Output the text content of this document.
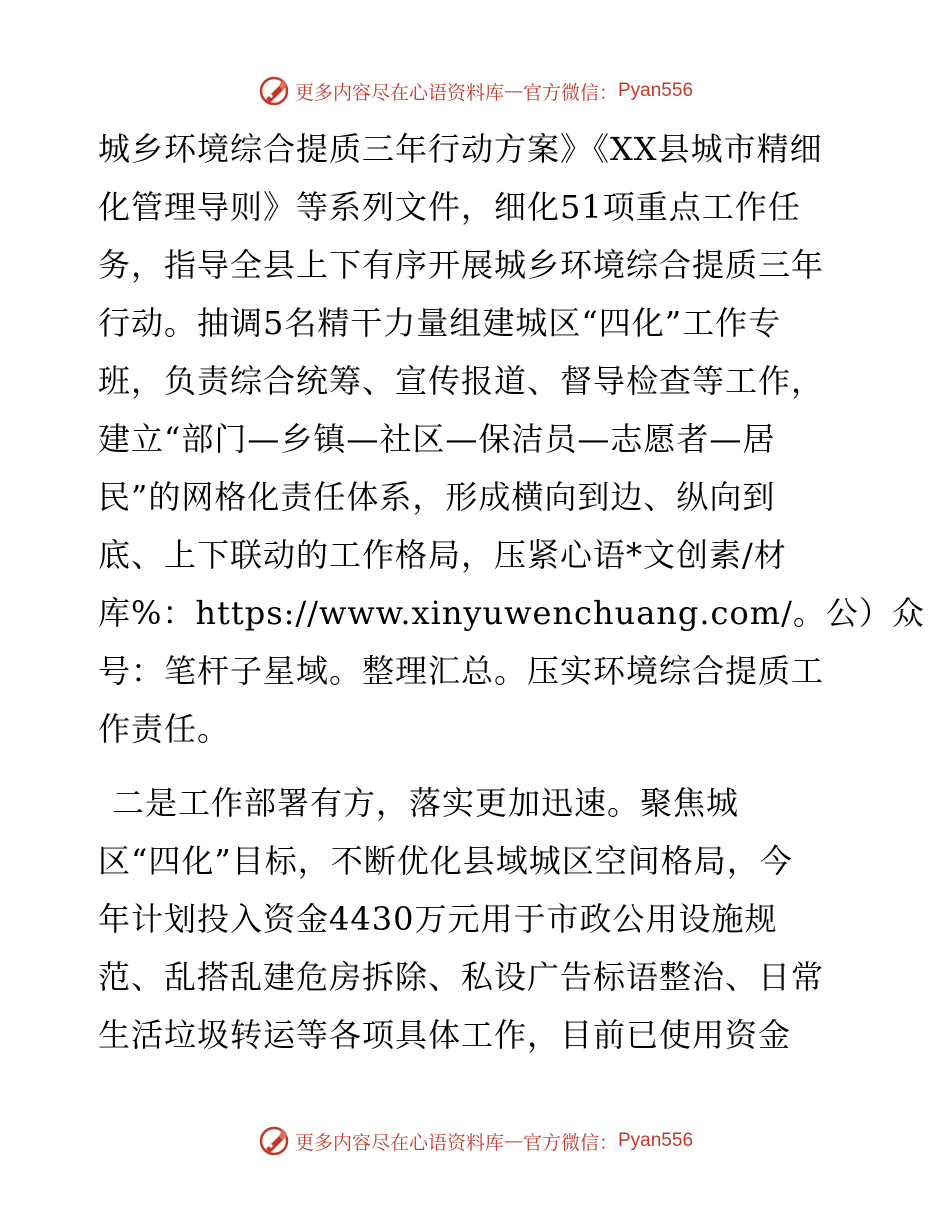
更多内容尽在心语资料库 — 官方微信： Pyan556
城乡环境综合提质三年行动方案》《XX县城市精细
化管理导则》等系列文件，细化51项重点工作任
务，指导全县上下有序开展城乡环境综合提质三年
行动。抽调5名精干力量组建城区“四化”工作专
班，负责综合统筹、宣传报道、督导检查等工作，
建立“部门—乡镇—社区—保洁员—志愿者—居
民”的网格化责任体系，形成横向到边、纵向到
底、上下联动的工作格局，压紧心语*文创素/材
库%：https://www.xinyuwenchuang.com/。公）众
号：笔杆子星域。整理汇总。压实环境综合提质工
作责任。
二是工作部署有方，落实更加迅速。聚焦城
区“四化”目标，不断优化县域城区空间格局，今
年计划投入资金4430万元用于市政公用设施规
范、乱搭乱建危房拆除、私设广告标语整治、日常
生活垃圾转运等各项具体工作，目前已使用资金
更多内容尽在心语资料库 — 官方微信： Pyan556
